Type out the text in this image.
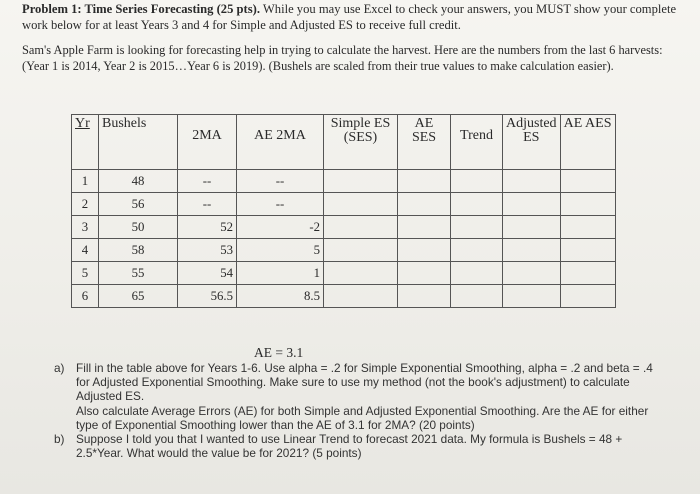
Problem 1: Time Series Forecasting (25 pts). While you may use Excel to check your answers, you MUST show your complete work below for at least Years 3 and 4 for Simple and Adjusted ES to receive full credit.
Sam's Apple Farm is looking for forecasting help in trying to calculate the harvest. Here are the numbers from the last 6 harvests: (Year 1 is 2014, Year 2 is 2015…Year 6 is 2019). (Bushels are scaled from their true values to make calculation easier).
Yr	Bushels	2MA	AE 2MA	Simple ES (SES)	AE SES	Trend	Adjusted ES	AE AES
1	48	--	--					
2	56	--	--					
3	50	52	-2					
4	58	53	5					
5	55	54	1					
6	65	56.5	8.5					
AE = 3.1

a) Fill in the table above for Years 1-6. Use alpha = .2 for Simple Exponential Smoothing, alpha = .2 and beta = .4 for Adjusted Exponential Smoothing. Make sure to use my method (not the book's adjustment) to calculate Adjusted ES.
Also calculate Average Errors (AE) for both Simple and Adjusted Exponential Smoothing. Are the AE for either type of Exponential Smoothing lower than the AE of 3.1 for 2MA? (20 points)

b) Suppose I told you that I wanted to use Linear Trend to forecast 2021 data. My formula is Bushels = 48 + 2.5*Year. What would the value be for 2021? (5 points)
